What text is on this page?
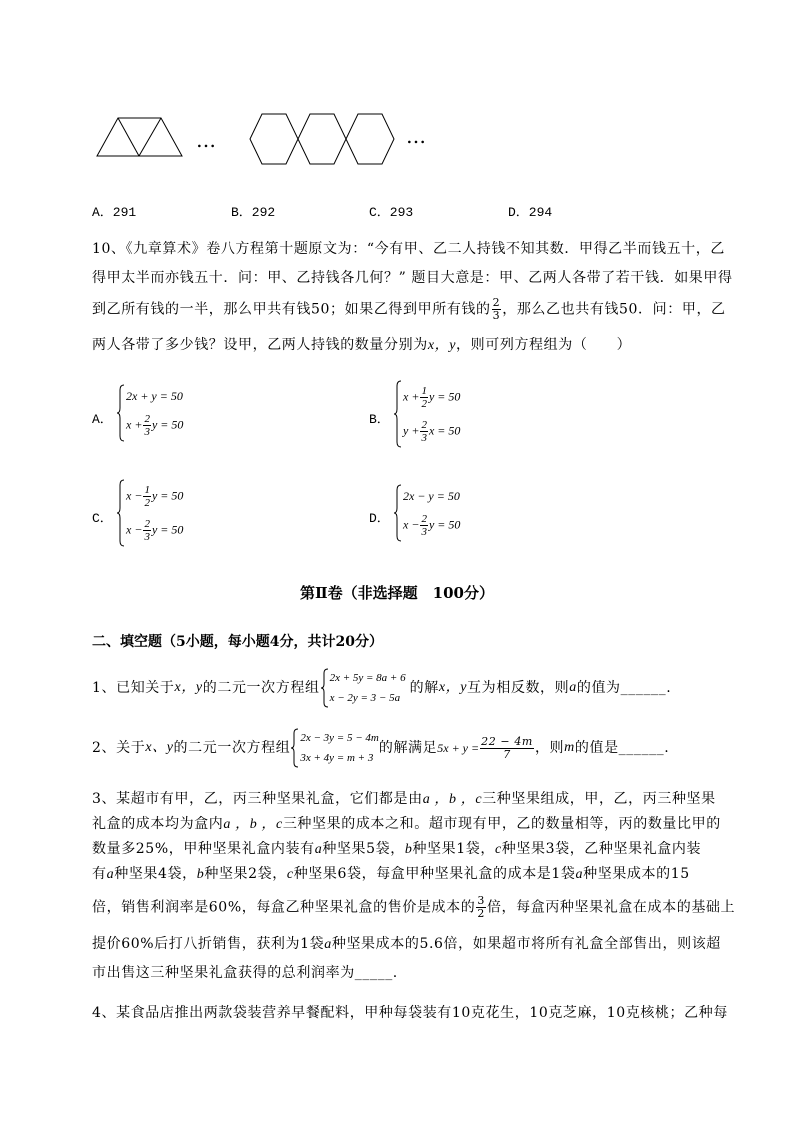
…	…
A．291	B．292	C．293	D．294
10、《九章算术》卷八方程第十题原文为：“今有甲、乙二人持钱不知其数．甲得乙半而钱五十，乙
得甲太半而亦钱五十．问：甲、乙持钱各几何？” 题目大意是：甲、乙两人各带了若干钱．如果甲得
到乙所有钱的一半，那么甲共有钱50；如果乙得到甲所有钱的 $\frac{2}{3}$ ，那么乙也共有钱50．问：甲，乙
两人各带了多少钱？设甲，乙两人持钱的数量分别为x，y，则可列方程组为（　　）
A．
2x + y = 50
$x + \frac{2}{3}$ y = 50	B．
$x + \frac{1}{2}$ y = 50
$y + \frac{2}{3}$ x = 50
C．
$x - \frac{1}{2}$ y = 50
$x - \frac{2}{3}$ y = 50
D．
2x − y = 50
$x - \frac{2}{3}$ y = 50
第Ⅱ卷（非选择题　100分）
二、填空题（5小题，每小题4分，共计20分）
1、已知关于 x，y 的二元一次方程组
2x + 5y = 8a + 6
x − 2y = 3 − 5a
的解 x，y 互为相反数，则 a 的值为______.
2、关于 x、y 的二元一次方程组
2x − 3y = 5 − 4m
3x + 4y = m + 3
的解满足 $5x + y = \frac{22 - 4m}{7}$ ，则 m 的值是______.
3、某超市有甲，乙，丙三种坚果礼盒，它们都是由a ，b ，c三种坚果组成，甲，乙，丙三种坚果
礼盒的成本均为盒内a ，b ，c三种坚果的成本之和。超市现有甲，乙的数量相等，丙的数量比甲的
数量多25%，甲种坚果礼盒内装有a种坚果5袋，b种坚果1袋，c种坚果3袋，乙种坚果礼盒内装
有a种坚果4袋，b种坚果2袋，c种坚果6袋，每盒甲种坚果礼盒的成本是1袋a种坚果成本的15
倍，销售利润率是60%，每盒乙种坚果礼盒的售价是成本的 $\frac{3}{2}$ 倍，每盒丙种坚果礼盒在成本的基础上
提价60%后打八折销售，获利为1袋a种坚果成本的5.6倍，如果超市将所有礼盒全部售出，则该超
市出售这三种坚果礼盒获得的总利润率为_____.
4、某食品店推出两款袋装营养早餐配料，甲种每袋装有10克花生，10克芝麻，10克核桃；乙种每
